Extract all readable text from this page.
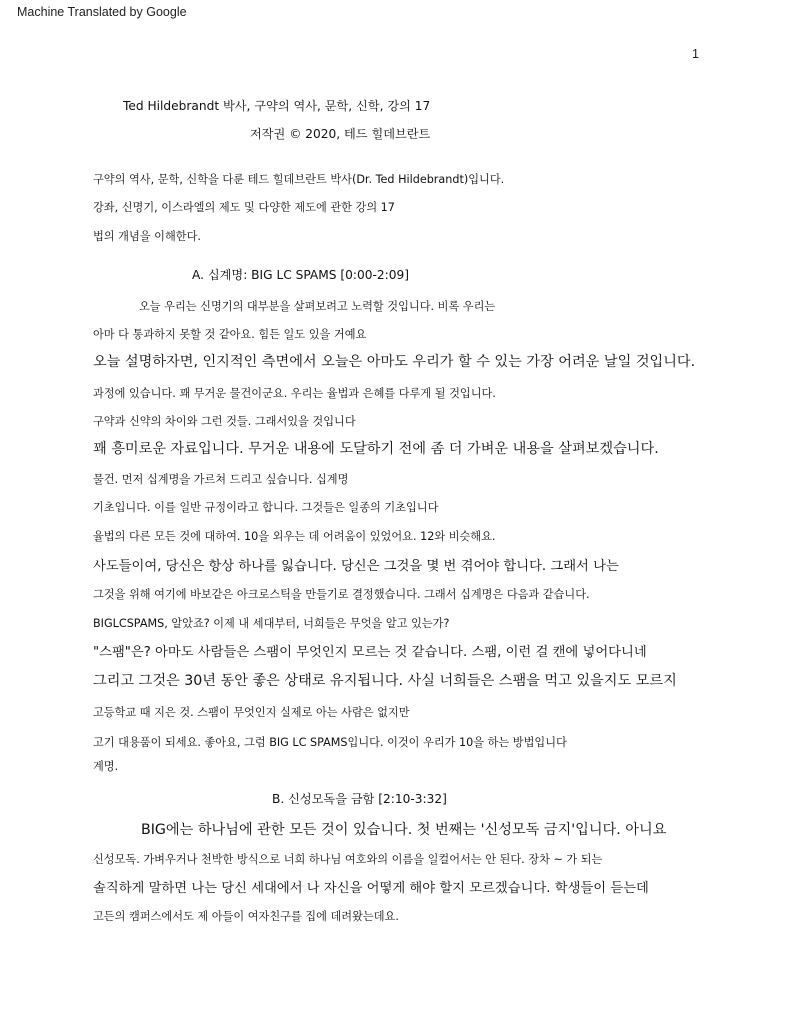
Machine Translated by Google
1
Ted Hildebrandt 박사, 구약의 역사, 문학, 신학, 강의 17
저작권 © 2020, 테드 힐데브란트
구약의 역사, 문학, 신학을 다룬 테드 힐데브란트 박사(Dr. Ted Hildebrandt)입니다.
강좌, 신명기, 이스라엘의 제도 및 다양한 제도에 관한 강의 17
법의 개념을 이해한다.
A. 십계명: BIG LC SPAMS [0:00-2:09]
오늘 우리는 신명기의 대부분을 살펴보려고 노력할 것입니다. 비록 우리는
아마 다 통과하지 못할 것 같아요. 힘든 일도 있을 거예요
오늘 설명하자면, 인지적인 측면에서 오늘은 아마도 우리가 할 수 있는 가장 어려운 날일 것입니다.
과정에 있습니다. 꽤 무거운 물건이군요. 우리는 율법과 은혜를 다루게 될 것입니다.
구약과 신약의 차이와 그런 것들. 그래서있을 것입니다
꽤 흥미로운 자료입니다. 무거운 내용에 도달하기 전에 좀 더 가벼운 내용을 살펴보겠습니다.
물건. 먼저 십계명을 가르쳐 드리고 싶습니다. 십계명
기초입니다. 이를 일반 규정이라고 합니다. 그것들은 일종의 기초입니다
율법의 다른 모든 것에 대하여. 10을 외우는 데 어려움이 있었어요. 12와 비슷해요.
사도들이여, 당신은 항상 하나를 잃습니다. 당신은 그것을 몇 번 겪어야 합니다. 그래서 나는
그것을 위해 여기에 바보같은 아크로스틱을 만들기로 결정했습니다. 그래서 십계명은 다음과 같습니다.
BIGLCSPAMS, 알았죠? 이제 내 세대부터, 너희들은 무엇을 알고 있는가?
"스팸"은? 아마도 사람들은 스팸이 무엇인지 모르는 것 같습니다. 스팸, 이런 걸 캔에 넣어다니네
그리고 그것은 30년 동안 좋은 상태로 유지됩니다. 사실 너희들은 스팸을 먹고 있을지도 모르지
고등학교 때 지은 것. 스팸이 무엇인지 실제로 아는 사람은 없지만
고기 대용품이 되세요. 좋아요, 그럼 BIG LC SPAMS입니다. 이것이 우리가 10을 하는 방법입니다
계명.
B. 신성모독을 금함 [2:10-3:32]
BIG에는 하나님에 관한 모든 것이 있습니다. 첫 번째는 '신성모독 금지'입니다. 아니요
신성모독. 가벼우거나 천박한 방식으로 너희 하나님 여호와의 이름을 일컬어서는 안 된다. 장차 ~ 가 되는
솔직하게 말하면 나는 당신 세대에서 나 자신을 어떻게 해야 할지 모르겠습니다. 학생들이 듣는데
고든의 캠퍼스에서도 제 아들이 여자친구를 집에 데려왔는데요.
